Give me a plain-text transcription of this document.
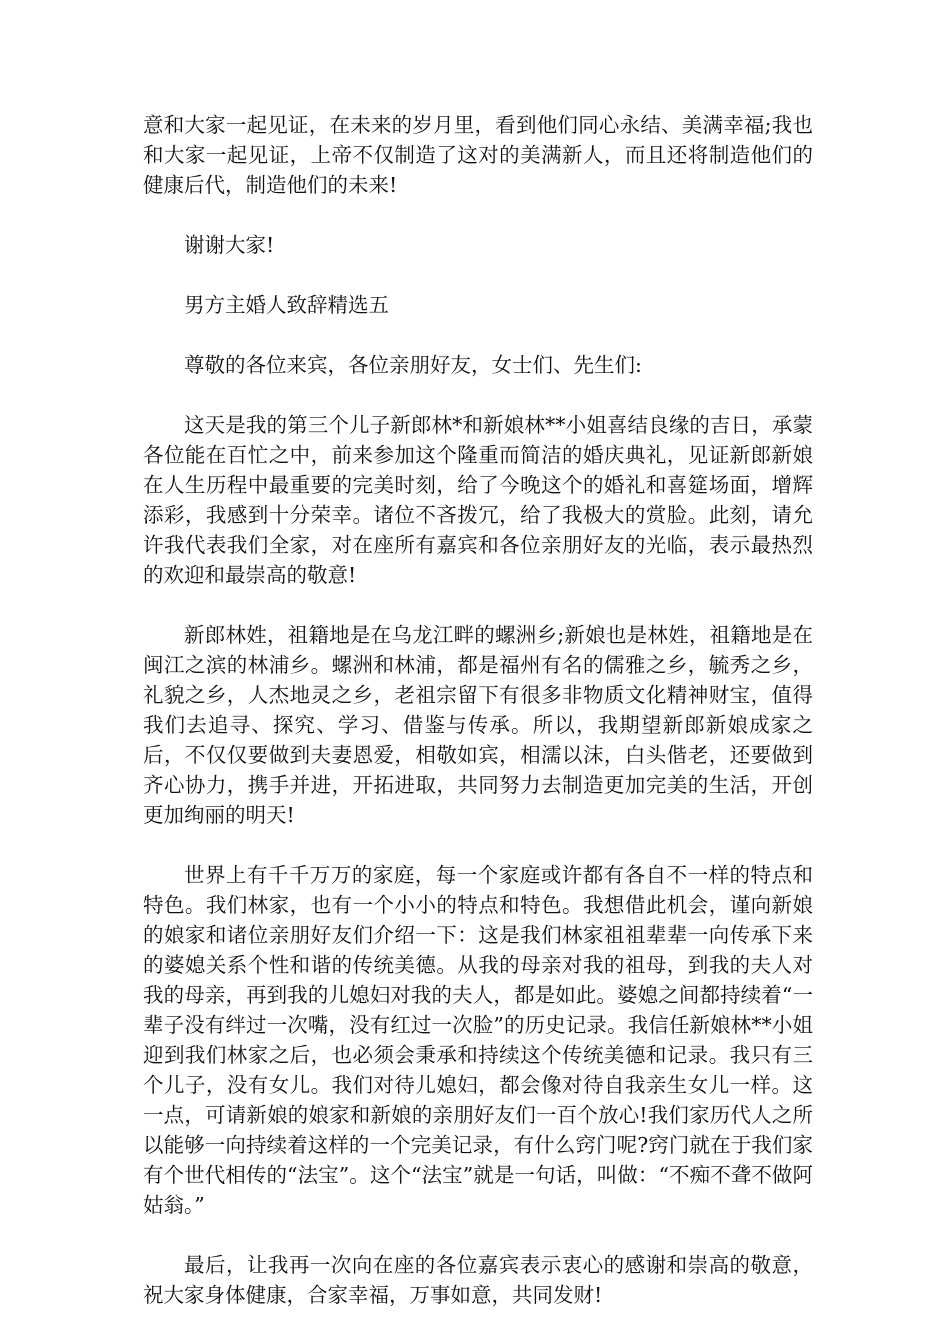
意和大家一起见证，在未来的岁月里，看到他们同心永结、美满幸福;我也和大家一起见证，上帝不仅制造了这对的美满新人，而且还将制造他们的健康后代，制造他们的未来!

谢谢大家!

男方主婚人致辞精选五

尊敬的各位来宾，各位亲朋好友，女士们、先生们:

这天是我的第三个儿子新郎林*和新娘林**小姐喜结良缘的吉日，承蒙各位能在百忙之中，前来参加这个隆重而简洁的婚庆典礼，见证新郎新娘在人生历程中最重要的完美时刻，给了今晚这个的婚礼和喜筵场面，增辉添彩，我感到十分荣幸。诸位不吝拨冗，给了我极大的赏脸。此刻，请允许我代表我们全家，对在座所有嘉宾和各位亲朋好友的光临，表示最热烈的欢迎和最崇高的敬意!

新郎林姓，祖籍地是在乌龙江畔的螺洲乡;新娘也是林姓，祖籍地是在闽江之滨的林浦乡。螺洲和林浦，都是福州有名的儒雅之乡，毓秀之乡，礼貌之乡，人杰地灵之乡，老祖宗留下有很多非物质文化精神财宝，值得我们去追寻、探究、学习、借鉴与传承。所以，我期望新郎新娘成家之后，不仅仅要做到夫妻恩爱，相敬如宾，相濡以沫，白头偕老，还要做到齐心协力，携手并进，开拓进取，共同努力去制造更加完美的生活，开创更加绚丽的明天!

世界上有千千万万的家庭，每一个家庭或许都有各自不一样的特点和特色。我们林家，也有一个小小的特点和特色。我想借此机会，谨向新娘的娘家和诸位亲朋好友们介绍一下：这是我们林家祖祖辈辈一向传承下来的婆媳关系个性和谐的传统美德。从我的母亲对我的祖母，到我的夫人对我的母亲，再到我的儿媳妇对我的夫人，都是如此。婆媳之间都持续着“一辈子没有绊过一次嘴，没有红过一次脸”的历史记录。我信任新娘林**小姐迎到我们林家之后，也必须会秉承和持续这个传统美德和记录。我只有三个儿子，没有女儿。我们对待儿媳妇，都会像对待自我亲生女儿一样。这一点，可请新娘的娘家和新娘的亲朋好友们一百个放心!我们家历代人之所以能够一向持续着这样的一个完美记录，有什么窍门呢?窍门就在于我们家有个世代相传的“法宝”。这个“法宝”就是一句话，叫做：“不痴不聋不做阿姑翁。”

最后，让我再一次向在座的各位嘉宾表示衷心的感谢和崇高的敬意，祝大家身体健康，合家幸福，万事如意，共同发财!
